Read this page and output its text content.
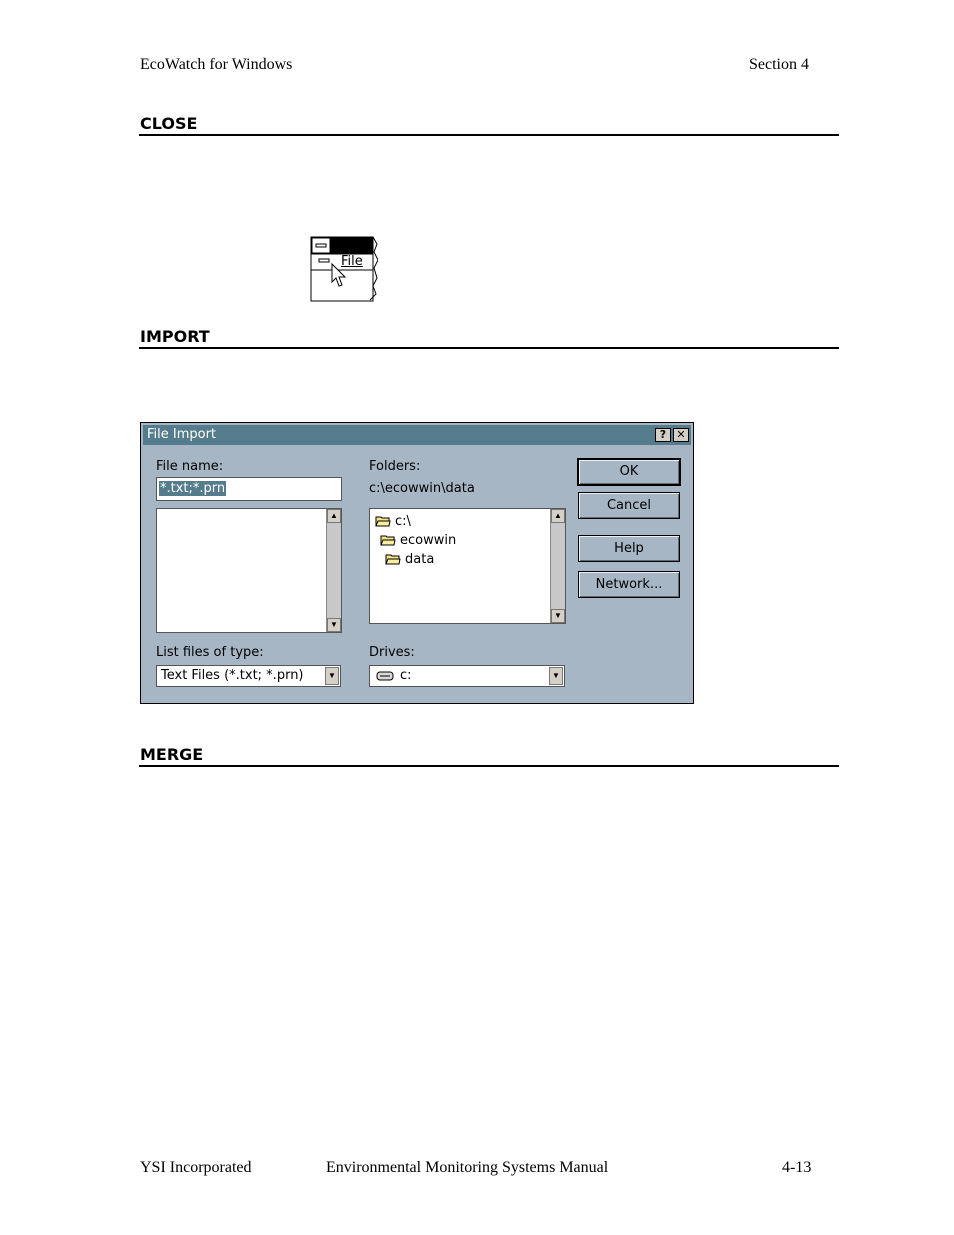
EcoWatch for Windows	Section 4
CLOSE
File
IMPORT
File Import	? ✕
File name:
*.txt;*.prn
▲
▼
Folders:
c:\ecowwin\data
c:\
ecowwin
data
▲
▼
OK
Cancel
Help
Network...
List files of type:
Text Files (*.txt; *.prn)	▼
Drives:
c:	▼
MERGE
YSI Incorporated	Environmental Monitoring Systems Manual	4-13
